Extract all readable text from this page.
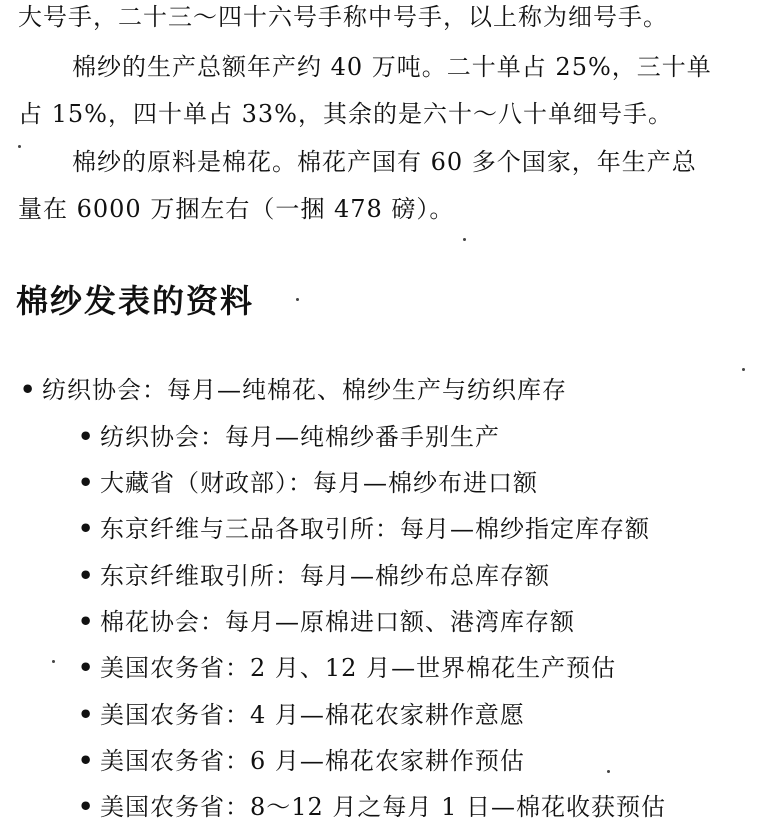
大号手，二十三～四十六号手称中号手，以上称为细号手。
棉纱的生产总额年产约 40 万吨。二十单占 25%，三十单
占 15%，四十单占 33%，其余的是六十～八十单细号手。
棉纱的原料是棉花。棉花产国有 60 多个国家，年生产总
量在 6000 万捆左右（一捆 478 磅）。
棉纱发表的资料
• 纺织协会：每月—纯棉花、棉纱生产与纺织库存
• 纺织协会：每月—纯棉纱番手别生产
• 大藏省（财政部）：每月—棉纱布进口额
• 东京纤维与三品各取引所：每月—棉纱指定库存额
• 东京纤维取引所：每月—棉纱布总库存额
• 棉花协会：每月—原棉进口额、港湾库存额
• 美国农务省：2 月、12 月—世界棉花生产预估
• 美国农务省：4 月—棉花农家耕作意愿
• 美国农务省：6 月—棉花农家耕作预估
• 美国农务省：8～12 月之每月 1 日—棉花收获预估
